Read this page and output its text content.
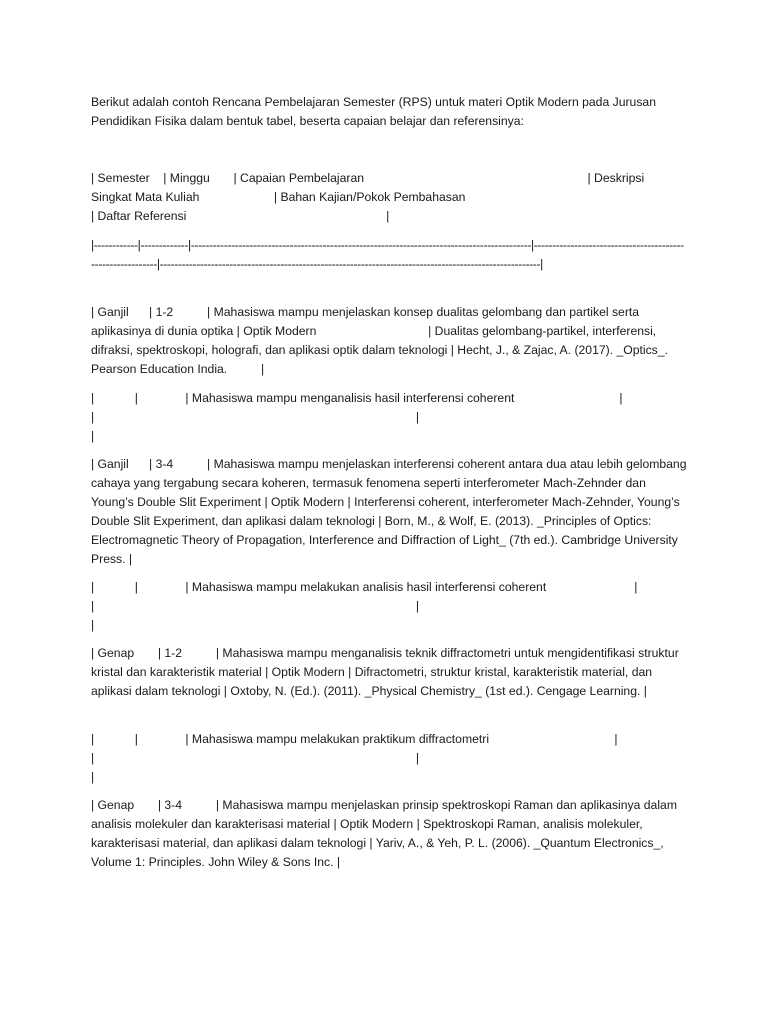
Berikut adalah contoh Rencana Pembelajaran Semester (RPS) untuk materi Optik Modern pada Jurusan Pendidikan Fisika dalam bentuk tabel, beserta capaian belajar dan referensinya:
| Semester    | Minggu       | Capaian Pembelajaran                                                                  | Deskripsi Singkat Mata Kuliah                      | Bahan Kajian/Pokok Pembahasan
| Daftar Referensi                                                           |
|------------|-------------|---------------------------------------------------------------------------------------------|-----------------------------------------------------------|--------------------------------------------------------------------------------------------------------|
| Ganjil      | 1-2          | Mahasiswa mampu menjelaskan konsep dualitas gelombang dan partikel serta aplikasinya di dunia optika | Optik Modern                                 | Dualitas gelombang-partikel, interferensi, difraksi, spektroskopi, holografi, dan aplikasi optik dalam teknologi | Hecht, J., & Zajac, A. (2017). _Optics_. Pearson Education India.          |
|            |              | Mahasiswa mampu menganalisis hasil interferensi coherent                               |
|                                                                                               |
|
| Ganjil      | 3-4          | Mahasiswa mampu menjelaskan interferensi coherent antara dua atau lebih gelombang cahaya yang tergabung secara koheren, termasuk fenomena seperti interferometer Mach-Zehnder dan Young’s Double Slit Experiment | Optik Modern | Interferensi coherent, interferometer Mach-Zehnder, Young’s Double Slit Experiment, dan aplikasi dalam teknologi | Born, M., & Wolf, E. (2013). _Principles of Optics: Electromagnetic Theory of Propagation, Interference and Diffraction of Light_ (7th ed.). Cambridge University Press. |
|            |              | Mahasiswa mampu melakukan analisis hasil interferensi coherent                          |
|                                                                                               |
|
| Genap       | 1-2          | Mahasiswa mampu menganalisis teknik diffractometri untuk mengidentifikasi struktur kristal dan karakteristik material | Optik Modern | Difractometri, struktur kristal, karakteristik material, dan aplikasi dalam teknologi | Oxtoby, N. (Ed.). (2011). _Physical Chemistry_ (1st ed.). Cengage Learning. |
|            |              | Mahasiswa mampu melakukan praktikum diffractometri                                     |
|                                                                                               |
|
| Genap       | 3-4          | Mahasiswa mampu menjelaskan prinsip spektroskopi Raman dan aplikasinya dalam analisis molekuler dan karakterisasi material | Optik Modern | Spektroskopi Raman, analisis molekuler, karakterisasi material, dan aplikasi dalam teknologi | Yariv, A., & Yeh, P. L. (2006). _Quantum Electronics_, Volume 1: Principles. John Wiley & Sons Inc. |
